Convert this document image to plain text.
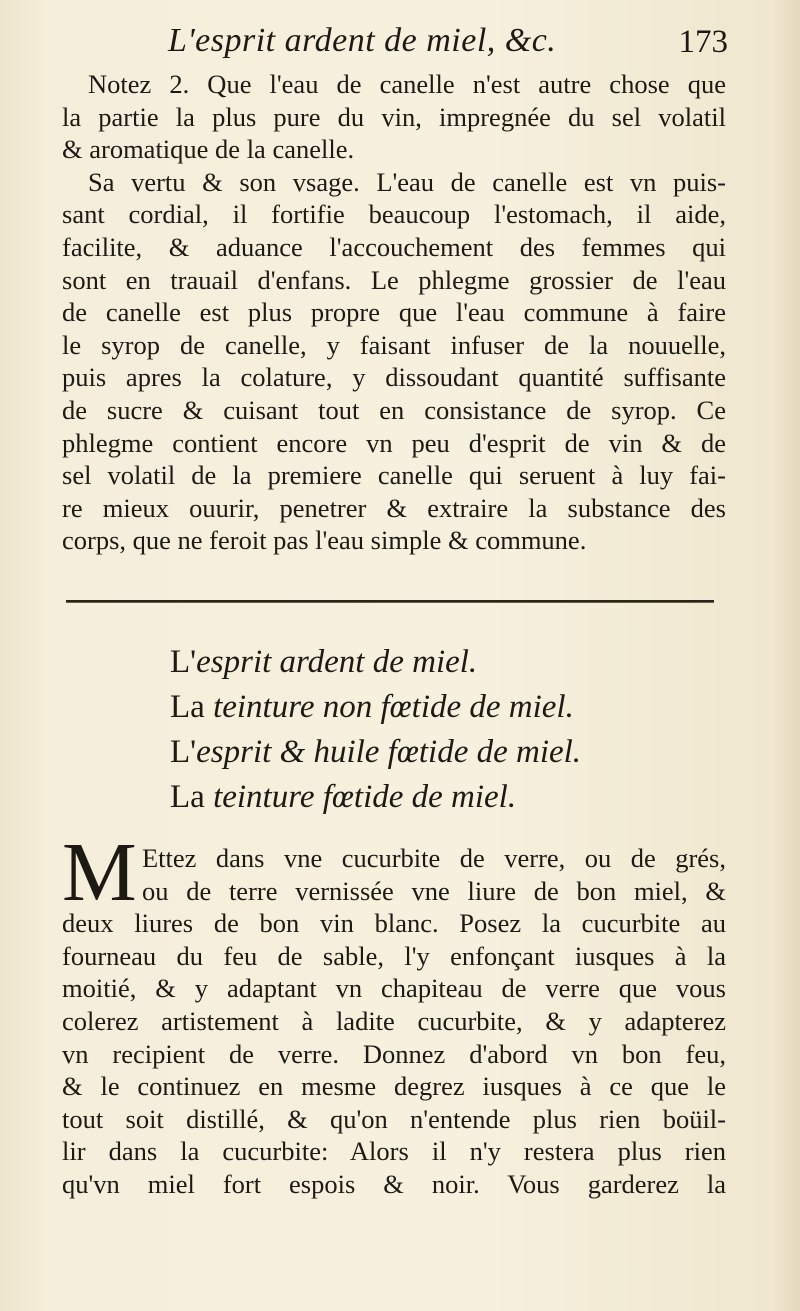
L'esprit ardent de miel, &c.	173
Notez 2. Que l'eau de canelle n'est autre chose que
la partie la plus pure du vin, impregnée du sel volatil
& aromatique de la canelle.
Sa vertu & son vsage. L'eau de canelle est vn puis-
sant cordial, il fortifie beaucoup l'estomach, il aide,
facilite, & aduance l'accouchement des femmes qui
sont en trauail d'enfans. Le phlegme grossier de l'eau
de canelle est plus propre que l'eau commune à faire
le syrop de canelle, y faisant infuser de la nouuelle,
puis apres la colature, y dissoudant quantité suffisante
de sucre & cuisant tout en consistance de syrop. Ce
phlegme contient encore vn peu d'esprit de vin & de
sel volatil de la premiere canelle qui seruent à luy fai-
re mieux ouurir, penetrer & extraire la substance des
corps, que ne feroit pas l'eau simple & commune.
L'esprit ardent de miel.
La teinture non fœtide de miel.
L'esprit & huile fœtide de miel.
La teinture fœtide de miel.
M Ettez dans vne cucurbite de verre, ou de grés,
ou de terre vernissée vne liure de bon miel, &
deux liures de bon vin blanc. Posez la cucurbite au
fourneau du feu de sable, l'y enfonçant iusques à la
moitié, & y adaptant vn chapiteau de verre que vous
colerez artistement à ladite cucurbite, & y adapterez
vn recipient de verre. Donnez d'abord vn bon feu,
& le continuez en mesme degrez iusques à ce que le
tout soit distillé, & qu'on n'entende plus rien boüil-
lir dans la cucurbite: Alors il n'y restera plus rien
qu'vn miel fort espois & noir. Vous garderez la
